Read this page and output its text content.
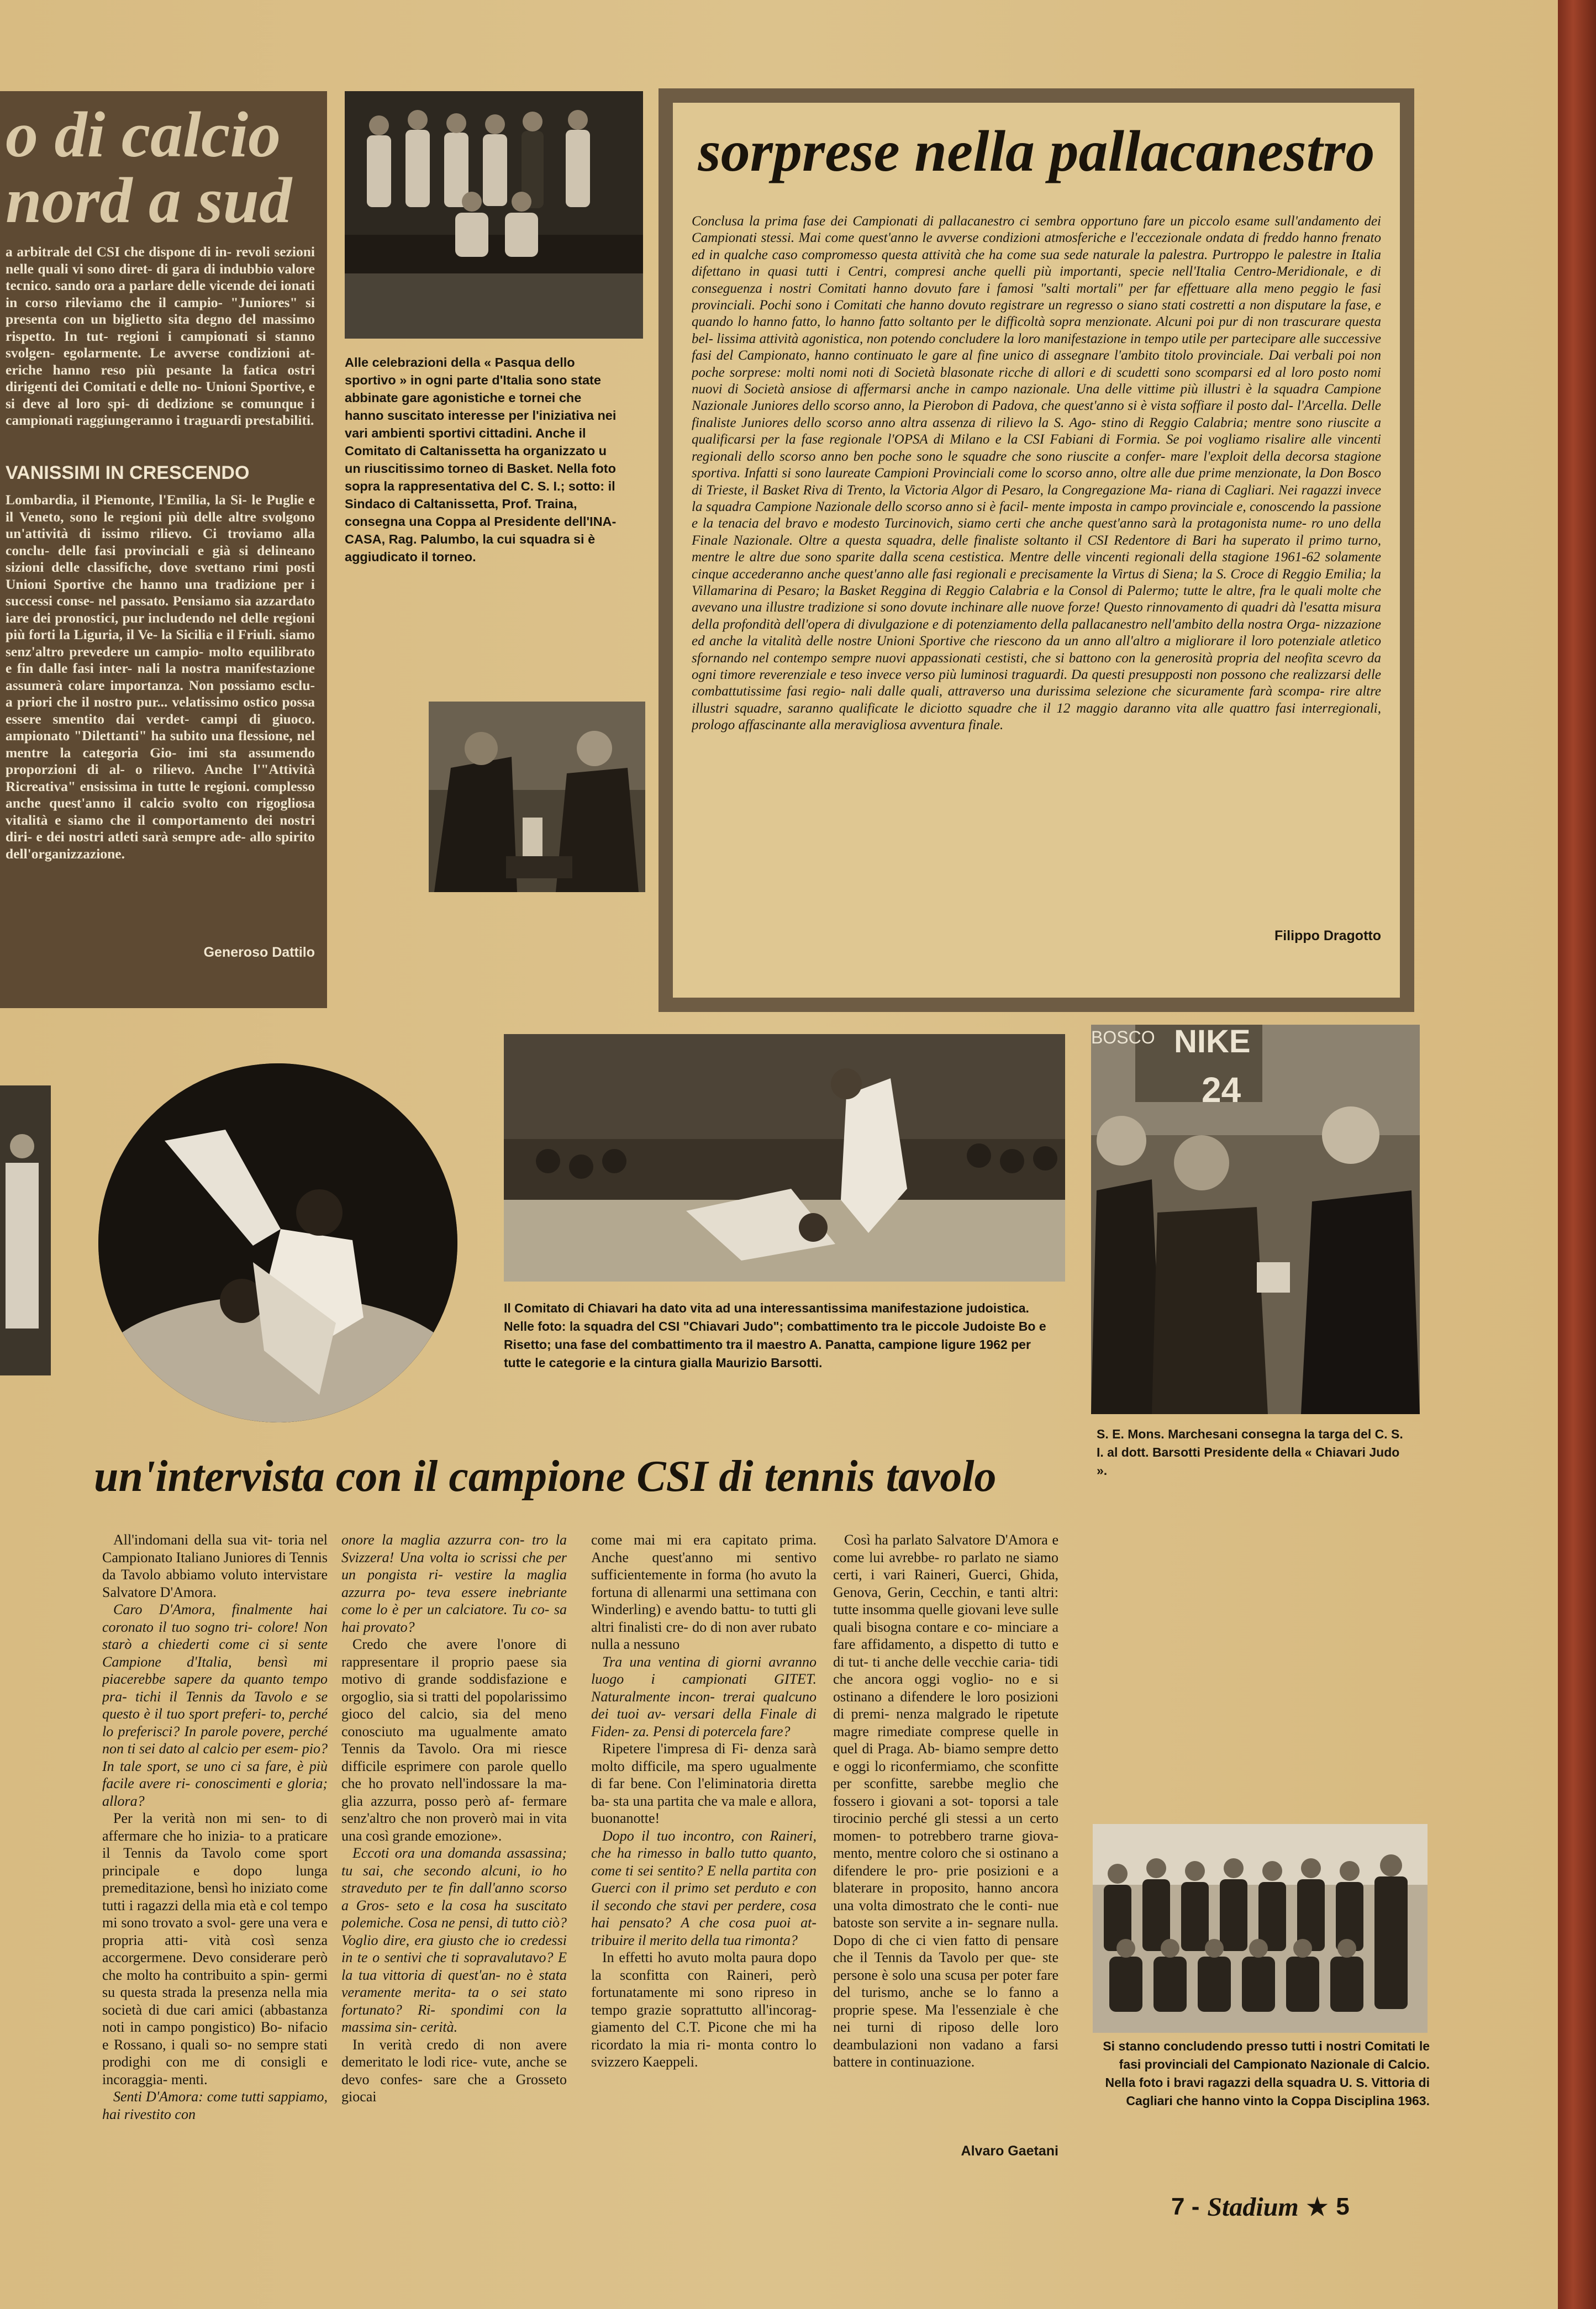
o di calcio
nord a sud
a arbitrale del CSI che dispone di in- revoli sezioni nelle quali vi sono diret- di gara di indubbio valore tecnico. sando ora a parlare delle vicende dei ionati in corso rileviamo che il campio- "Juniores" si presenta con un biglietto sita degno del massimo rispetto. In tut- regioni i campionati si stanno svolgen- egolarmente. Le avverse condizioni at- eriche hanno reso più pesante la fatica ostri dirigenti dei Comitati e delle no- Unioni Sportive, e si deve al loro spi- di dedizione se comunque i campionati raggiungeranno i traguardi prestabiliti.
VANISSIMI IN CRESCENDO
Lombardia, il Piemonte, l'Emilia, la Si- le Puglie e il Veneto, sono le regioni più delle altre svolgono un'attività di issimo rilievo. Ci troviamo alla conclu- delle fasi provinciali e già si delineano sizioni delle classifiche, dove svettano rimi posti Unioni Sportive che hanno una tradizione per i successi conse- nel passato. Pensiamo sia azzardato iare dei pronostici, pur includendo nel delle regioni più forti la Liguria, il Ve- la Sicilia e il Friuli. siamo senz'altro prevedere un campio- molto equilibrato e fin dalle fasi inter- nali la nostra manifestazione assumerà colare importanza. Non possiamo esclu- a priori che il nostro pur... velatissimo ostico possa essere smentito dai verdet- campi di giuoco. ampionato "Dilettanti" ha subito una flessione, nel mentre la categoria Gio- imi sta assumendo proporzioni di al- o rilievo. Anche l'"Attività Ricreativa" ensissima in tutte le regioni. complesso anche quest'anno il calcio svolto con rigogliosa vitalità e siamo che il comportamento dei nostri diri- e dei nostri atleti sarà sempre ade- allo spirito dell'organizzazione.
Generoso Dattilo
Alle celebrazioni della « Pasqua dello sportivo » in ogni parte d'Italia sono state abbinate gare agonistiche e tornei che hanno suscitato interesse per l'iniziativa nei vari ambienti sportivi cittadini. Anche il Comitato di Caltanissetta ha organizzato u un riuscitissimo torneo di Basket. Nella foto sopra la rappresentativa del C. S. I.; sotto: il Sindaco di Caltanissetta, Prof. Traina, consegna una Coppa al Presidente dell'INA-CASA, Rag. Palumbo, la cui squadra si è aggiudicato il torneo.
sorprese nella pallacanestro
Conclusa la prima fase dei Campionati di pallacanestro ci sembra opportuno fare un piccolo esame sull'andamento dei Campionati stessi. Mai come quest'anno le avverse condizioni atmosferiche e l'eccezionale ondata di freddo hanno frenato ed in qualche caso compromesso questa attività che ha come sua sede naturale la palestra. Purtroppo le palestre in Italia difettano in quasi tutti i Centri, compresi anche quelli più importanti, specie nell'Italia Centro-Meridionale, e di conseguenza i nostri Comitati hanno dovuto fare i famosi "salti mortali" per far effettuare alla meno peggio le fasi provinciali. Pochi sono i Comitati che hanno dovuto registrare un regresso o siano stati costretti a non disputare la fase, e quando lo hanno fatto, lo hanno fatto soltanto per le difficoltà sopra menzionate. Alcuni poi pur di non trascurare questa bel- lissima attività agonistica, non potendo concludere la loro manifestazione in tempo utile per partecipare alle successive fasi del Campionato, hanno continuato le gare al fine unico di assegnare l'ambito titolo provinciale. Dai verbali poi non poche sorprese: molti nomi noti di Società blasonate ricche di allori e di scudetti sono scomparsi ed al loro posto nomi nuovi di Società ansiose di affermarsi anche in campo nazionale. Una delle vittime più illustri è la squadra Campione Nazionale Juniores dello scorso anno, la Pierobon di Padova, che quest'anno si è vista soffiare il posto dal- l'Arcella. Delle finaliste Juniores dello scorso anno altra assenza di rilievo la S. Ago- stino di Reggio Calabria; mentre sono riuscite a qualificarsi per la fase regionale l'OPSA di Milano e la CSI Fabiani di Formia. Se poi vogliamo risalire alle vincenti regionali dello scorso anno ben poche sono le squadre che sono riuscite a confer- mare l'exploit della decorsa stagione sportiva. Infatti si sono laureate Campioni Provinciali come lo scorso anno, oltre alle due prime menzionate, la Don Bosco di Trieste, il Basket Riva di Trento, la Victoria Algor di Pesaro, la Congregazione Ma- riana di Cagliari. Nei ragazzi invece la squadra Campione Nazionale dello scorso anno si è facil- mente imposta in campo provinciale e, conoscendo la passione e la tenacia del bravo e modesto Turcinovich, siamo certi che anche quest'anno sarà la protagonista nume- ro uno della Finale Nazionale. Oltre a questa squadra, delle finaliste soltanto il CSI Redentore di Bari ha superato il primo turno, mentre le altre due sono sparite dalla scena cestistica. Mentre delle vincenti regionali della stagione 1961-62 solamente cinque accederanno anche quest'anno alle fasi regionali e precisamente la Virtus di Siena; la S. Croce di Reggio Emilia; la Villamarina di Pesaro; la Basket Reggina di Reggio Calabria e la Consol di Palermo; tutte le altre, fra le quali molte che avevano una illustre tradizione si sono dovute inchinare alle nuove forze! Questo rinnovamento di quadri dà l'esatta misura della profondità dell'opera di divulgazione e di potenziamento della pallacanestro nell'ambito della nostra Orga- nizzazione ed anche la vitalità delle nostre Unioni Sportive che riescono da un anno all'altro a migliorare il loro potenziale atletico sfornando nel contempo sempre nuovi appassionati cestisti, che si battono con la generosità propria del neofita scevro da ogni timore reverenziale e teso invece verso più luminosi traguardi. Da questi presupposti non possono che realizzarsi delle combattutissime fasi regio- nali dalle quali, attraverso una durissima selezione che sicuramente farà scompa- rire altre illustri squadre, saranno qualificate le diciotto squadre che il 12 maggio daranno vita alle quattro fasi interregionali, prologo affascinante alla meravigliosa avventura finale.
Filippo Dragotto
Il Comitato di Chiavari ha dato vita ad una interessantissima manifestazione judoistica. Nelle foto: la squadra del CSI "Chiavari Judo"; combattimento tra le piccole Judoiste Bo e Risetto; una fase del combattimento tra il maestro A. Panatta, campione ligure 1962 per tutte le categorie e la cintura gialla Maurizio Barsotti.
BOSCO NIKE
24
S. E. Mons. Marchesani consegna la targa del C. S. I. al dott. Barsotti Presidente della « Chiavari Judo ».
un'intervista con il campione CSI di tennis tavolo
All'indomani della sua vit- toria nel Campionato Italiano Juniores di Tennis da Tavolo abbiamo voluto intervistare Salvatore D'Amora.
Caro D'Amora, finalmente hai coronato il tuo sogno tri- colore! Non starò a chiederti come ci si sente Campione d'Italia, bensì mi piacerebbe sapere da quanto tempo pra- tichi il Tennis da Tavolo e se questo è il tuo sport preferi- to, perché lo preferisci? In parole povere, perché non ti sei dato al calcio per esem- pio? In tale sport, se uno ci sa fare, è più facile avere ri- conoscimenti e gloria; allora?
Per la verità non mi sen- to di affermare che ho inizia- to a praticare il Tennis da Tavolo come sport principale e dopo lunga premeditazione, bensì ho iniziato come tutti i ragazzi della mia età e col tempo mi sono trovato a svol- gere una vera e propria atti- vità così senza accorgermene. Devo considerare però che molto ha contribuito a spin- germi su questa strada la presenza nella mia società di due cari amici (abbastanza noti in campo pongistico) Bo- nifacio e Rossano, i quali so- no sempre stati prodighi con me di consigli e incoraggia- menti.
Senti D'Amora: come tutti sappiamo, hai rivestito con
onore la maglia azzurra con- tro la Svizzera! Una volta io scrissi che per un pongista ri- vestire la maglia azzurra po- teva essere inebriante come lo è per un calciatore. Tu co- sa hai provato?
Credo che avere l'onore di rappresentare il proprio paese sia motivo di grande soddisfazione e orgoglio, sia si tratti del popolarissimo gioco del calcio, sia del meno conosciuto ma ugualmente amato Tennis da Tavolo. Ora mi riesce difficile esprimere con parole quello che ho provato nell'indossare la ma- glia azzurra, posso però af- fermare senz'altro che non proverò mai in vita una così grande emozione».
Eccoti ora una domanda assassina; tu sai, che secondo alcuni, io ho straveduto per te fin dall'anno scorso a Gros- seto e la cosa ha suscitato polemiche. Cosa ne pensi, di tutto ciò? Voglio dire, era giusto che io credessi in te o sentivi che ti sopravalutavo? E la tua vittoria di quest'an- no è stata veramente merita- ta o sei stato fortunato? Ri- spondimi con la massima sin- cerità.
In verità credo di non avere demeritato le lodi rice- vute, anche se devo confes- sare che a Grosseto giocai
come mai mi era capitato prima. Anche quest'anno mi sentivo sufficientemente in forma (ho avuto la fortuna di allenarmi una settimana con Winderling) e avendo battu- to tutti gli altri finalisti cre- do di non aver rubato nulla a nessuno
Tra una ventina di giorni avranno luogo i campionati GITET. Naturalmente incon- trerai qualcuno dei tuoi av- versari della Finale di Fiden- za. Pensi di potercela fare?
Ripetere l'impresa di Fi- denza sarà molto difficile, ma spero ugualmente di far bene. Con l'eliminatoria diretta ba- sta una partita che va male e allora, buonanotte!
Dopo il tuo incontro, con Raineri, che ha rimesso in ballo tutto quanto, come ti sei sentito? E nella partita con Guerci con il primo set perduto e con il secondo che stavi per perdere, cosa hai pensato? A che cosa puoi at- tribuire il merito della tua rimonta?
In effetti ho avuto molta paura dopo la sconfitta con Raineri, però fortunatamente mi sono ripreso in tempo grazie soprattutto all'incorag- giamento del C.T. Picone che mi ha ricordato la mia ri- monta contro lo svizzero Kaeppeli.
Così ha parlato Salvatore D'Amora e come lui avrebbe- ro parlato ne siamo certi, i vari Raineri, Guerci, Ghida, Genova, Gerin, Cecchin, e tanti altri: tutte insomma quelle giovani leve sulle quali bisogna contare e co- minciare a fare affidamento, a dispetto di tutto e di tut- ti anche delle vecchie caria- tidi che ancora oggi voglio- no e si ostinano a difendere le loro posizioni di premi- nenza malgrado le ripetute magre rimediate comprese quelle in quel di Praga. Ab- biamo sempre detto e oggi lo riconfermiamo, che sconfitte per sconfitte, sarebbe meglio che fossero i giovani a sot- toporsi a tale tirocinio perché gli stessi a un certo momen- to potrebbero trarne giova- mento, mentre coloro che si ostinano a difendere le pro- prie posizioni e a blaterare in proposito, hanno ancora una volta dimostrato che le conti- nue batoste son servite a in- segnare nulla. Dopo di che ci vien fatto di pensare che il Tennis da Tavolo per que- ste persone è solo una scusa per poter fare del turismo, anche se lo fanno a proprie spese. Ma l'essenziale è che nei turni di riposo delle loro deambulazioni non vadano a farsi battere in continuazione.
Alvaro Gaetani
Si stanno concludendo presso tutti i nostri Comitati le fasi provinciali del Campionato Nazionale di Calcio. Nella foto i bravi ragazzi della squadra U. S. Vittoria di Cagliari che hanno vinto la Coppa Disciplina 1963.
7 - Stadium ★ 5
